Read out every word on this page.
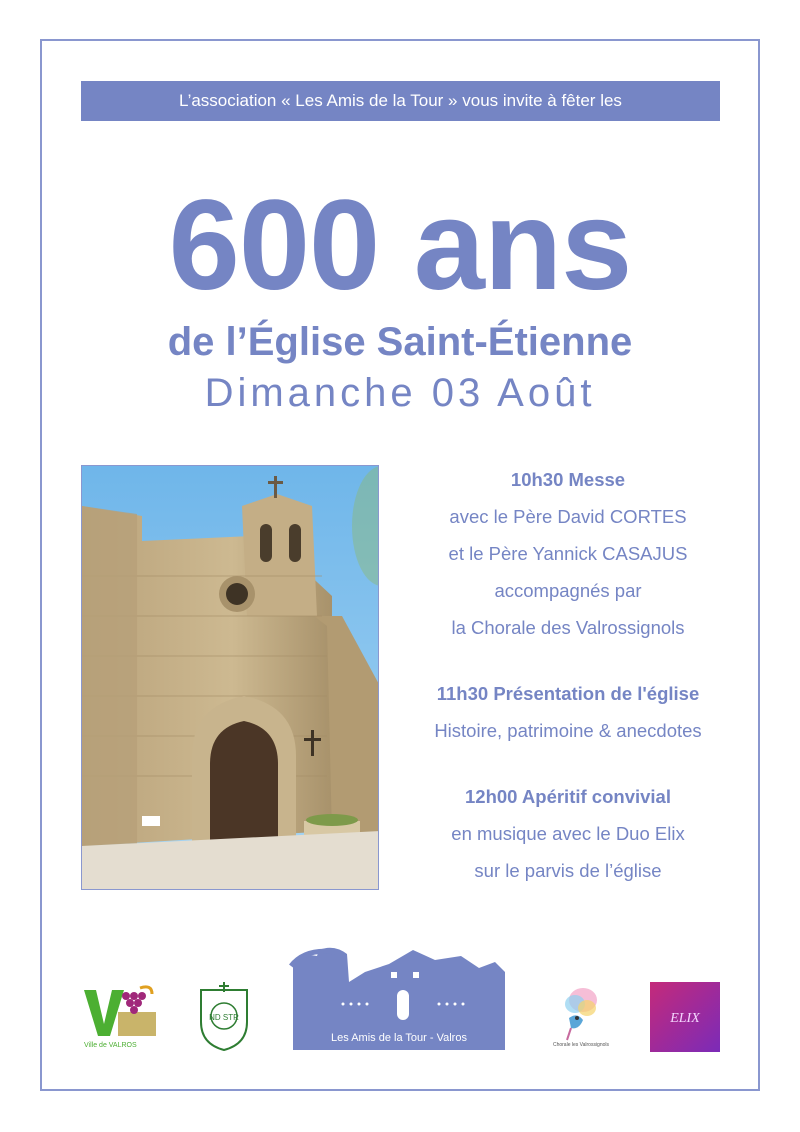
L’association « Les Amis de la Tour » vous invite à fêter les
600 ans
de l’Église Saint-Étienne
Dimanche 03 Août
10h30 Messe
avec le Père David CORTES
et le Père Yannick CASAJUS
accompagnés par
la Chorale des Valrossignols
11h30 Présentation de l'église
Histoire, patrimoine & anecdotes
12h00 Apéritif convivial
en musique avec le Duo Elix
sur le parvis de l’église
Ville de VALROS
ND STR
Les Amis de la Tour - Valros
Chorale les Valrossignols
ELIX
